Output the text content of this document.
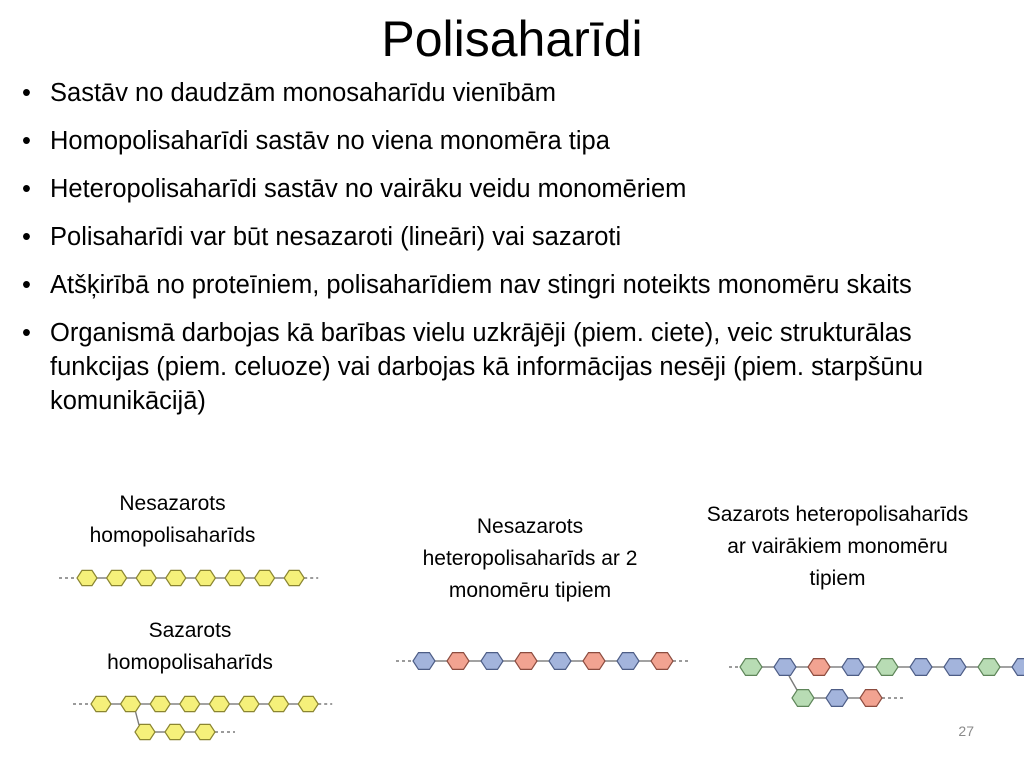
Polisaharīdi
• Sastāv no daudzām monosaharīdu vienībām
• Homopolisaharīdi sastāv no viena monomēra tipa
• Heteropolisaharīdi sastāv no vairāku veidu monomēriem
• Polisaharīdi var būt nesazaroti (lineāri) vai sazaroti
• Atšķirībā no proteīniem, polisaharīdiem nav stingri noteikts monomēru skaits
• Organismā darbojas kā barības vielu uzkrājēji (piem. ciete), veic strukturālas funkcijas (piem. celuoze) vai darbojas kā informācijas nesēji (piem. starpšūnu komunikācijā)
Nesazarots homopolisaharīds
Sazarots homopolisaharīds
Nesazarots heteropolisaharīds ar 2 monomēru tipiem
Sazarots heteropolisaharīds ar vairākiem monomēru tipiem
27
